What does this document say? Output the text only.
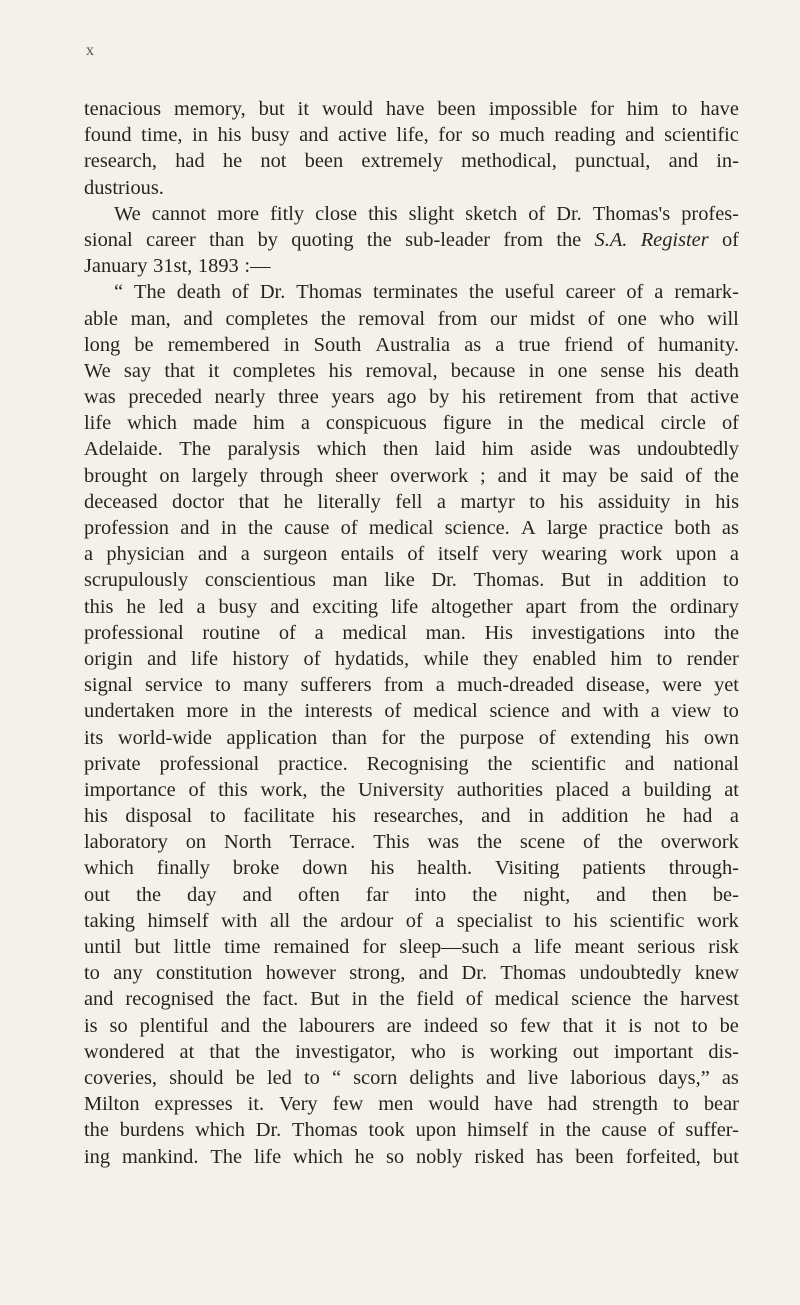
x
tenacious memory, but it would have been impossible for him to have
found time, in his busy and active life, for so much reading and scientific
research, had he not been extremely methodical, punctual, and in-
dustrious.
We cannot more fitly close this slight sketch of Dr. Thomas's profes-
sional career than by quoting the sub-leader from the S.A. Register of
January 31st, 1893 :—
“ The death of Dr. Thomas terminates the useful career of a remark-
able man, and completes the removal from our midst of one who will
long be remembered in South Australia as a true friend of humanity.
We say that it completes his removal, because in one sense his death
was preceded nearly three years ago by his retirement from that active
life which made him a conspicuous figure in the medical circle of
Adelaide. The paralysis which then laid him aside was undoubtedly
brought on largely through sheer overwork ; and it may be said of the
deceased doctor that he literally fell a martyr to his assiduity in his
profession and in the cause of medical science. A large practice both as
a physician and a surgeon entails of itself very wearing work upon a
scrupulously conscientious man like Dr. Thomas. But in addition to
this he led a busy and exciting life altogether apart from the ordinary
professional routine of a medical man. His investigations into the
origin and life history of hydatids, while they enabled him to render
signal service to many sufferers from a much-dreaded disease, were yet
undertaken more in the interests of medical science and with a view to
its world-wide application than for the purpose of extending his own
private professional practice. Recognising the scientific and national
importance of this work, the University authorities placed a building at
his disposal to facilitate his researches, and in addition he had a
laboratory on North Terrace. This was the scene of the overwork
which finally broke down his health. Visiting patients through-
out the day and often far into the night, and then be-
taking himself with all the ardour of a specialist to his scientific work
until but little time remained for sleep—such a life meant serious risk
to any constitution however strong, and Dr. Thomas undoubtedly knew
and recognised the fact. But in the field of medical science the harvest
is so plentiful and the labourers are indeed so few that it is not to be
wondered at that the investigator, who is working out important dis-
coveries, should be led to “ scorn delights and live laborious days,” as
Milton expresses it. Very few men would have had strength to bear
the burdens which Dr. Thomas took upon himself in the cause of suffer-
ing mankind. The life which he so nobly risked has been forfeited, but
